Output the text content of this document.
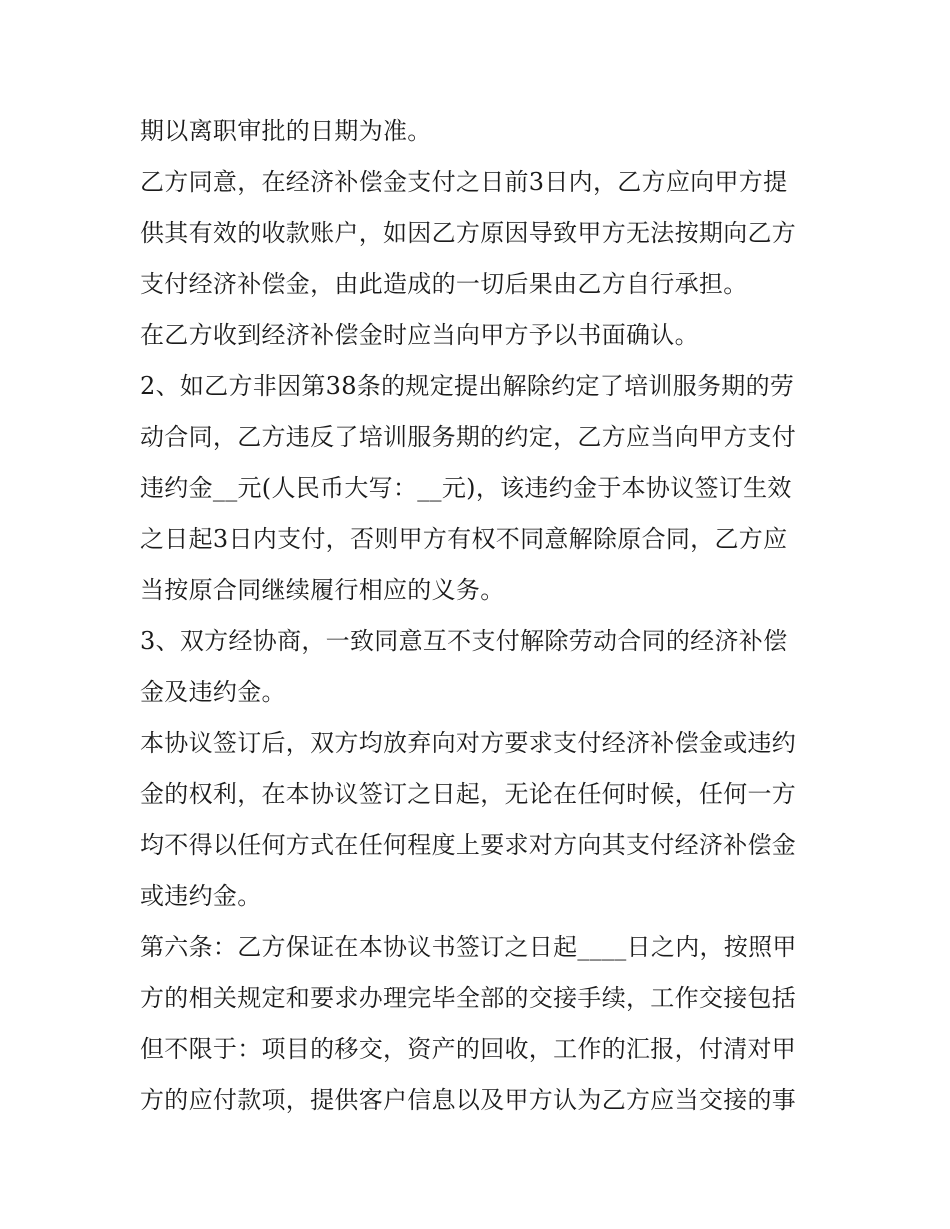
期以离职审批的日期为准。
乙方同意，在经济补偿金支付之日前3日内，乙方应向甲方提
供其有效的收款账户，如因乙方原因导致甲方无法按期向乙方
支付经济补偿金，由此造成的一切后果由乙方自行承担。
在乙方收到经济补偿金时应当向甲方予以书面确认。
2、如乙方非因第38条的规定提出解除约定了培训服务期的劳
动合同，乙方违反了培训服务期的约定，乙方应当向甲方支付
违约金__元(人民币大写：__元)，该违约金于本协议签订生效
之日起3日内支付，否则甲方有权不同意解除原合同，乙方应
当按原合同继续履行相应的义务。
3、双方经协商，一致同意互不支付解除劳动合同的经济补偿
金及违约金。
本协议签订后，双方均放弃向对方要求支付经济补偿金或违约
金的权利，在本协议签订之日起，无论在任何时候，任何一方
均不得以任何方式在任何程度上要求对方向其支付经济补偿金
或违约金。
第六条：乙方保证在本协议书签订之日起____日之内，按照甲
方的相关规定和要求办理完毕全部的交接手续，工作交接包括
但不限于：项目的移交，资产的回收，工作的汇报，付清对甲
方的应付款项，提供客户信息以及甲方认为乙方应当交接的事
